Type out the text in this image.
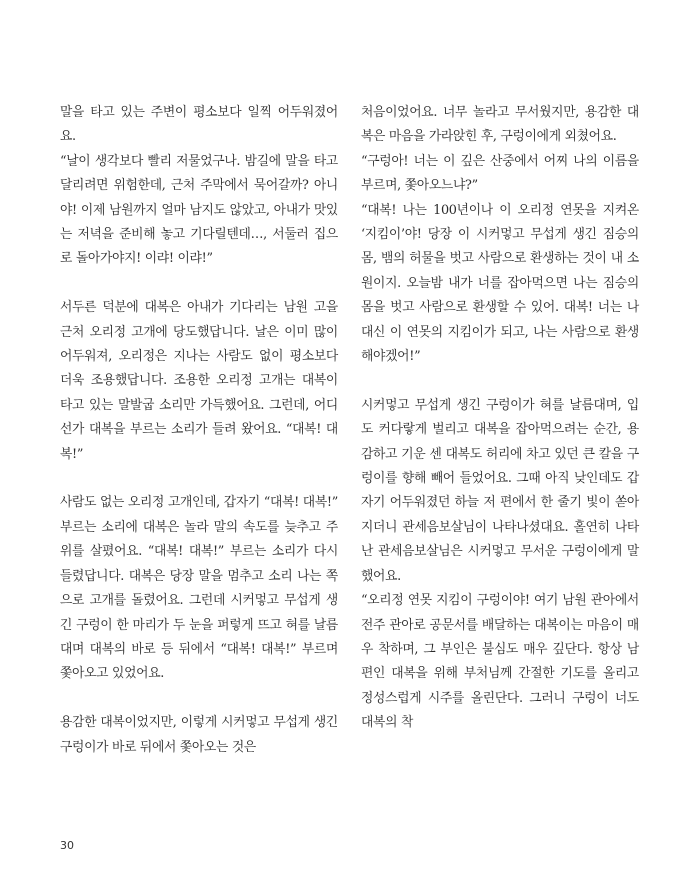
말을 타고 있는 주변이 평소보다 일찍 어두워졌어요.

“날이 생각보다 빨리 저물었구나. 밤길에 말을 타고 달리려면 위험한데, 근처 주막에서 묵어갈까? 아니야! 이제 남원까지 얼마 남지도 않았고, 아내가 맛있는 저녁을 준비해 놓고 기다릴텐데…, 서둘러 집으로 돌아가야지! 이랴! 이랴!”

서두른 덕분에 대복은 아내가 기다리는 남원 고을 근처 오리정 고개에 당도했답니다. 날은 이미 많이 어두워져, 오리정은 지나는 사람도 없이 평소보다 더욱 조용했답니다. 조용한 오리정 고개는 대복이 타고 있는 말발굽 소리만 가득했어요. 그런데, 어디선가 대복을 부르는 소리가 들려 왔어요. “대복! 대복!”

사람도 없는 오리정 고개인데, 갑자기 “대복! 대복!” 부르는 소리에 대복은 놀라 말의 속도를 늦추고 주위를 살폈어요. “대복! 대복!” 부르는 소리가 다시 들렸답니다. 대복은 당장 말을 멈추고 소리 나는 쪽으로 고개를 돌렸어요. 그런데 시커멓고 무섭게 생긴 구렁이 한 마리가 두 눈을 퍼렇게 뜨고 혀를 날름대며 대복의 바로 등 뒤에서 “대복! 대복!” 부르며 쫓아오고 있었어요.

용감한 대복이었지만, 이렇게 시커멓고 무섭게 생긴 구렁이가 바로 뒤에서 쫓아오는 것은

처음이었어요. 너무 놀라고 무서웠지만, 용감한 대복은 마음을 가라앉힌 후, 구렁이에게 외쳤어요.

“구렁아! 너는 이 깊은 산중에서 어찌 나의 이름을 부르며, 쫓아오느냐?”

“대복! 나는 100년이나 이 오리정 연못을 지켜온 ‘지킴이’야! 당장 이 시커멓고 무섭게 생긴 짐승의 몸, 뱀의 허물을 벗고 사람으로 환생하는 것이 내 소원이지. 오늘밤 내가 너를 잡아먹으면 나는 짐승의 몸을 벗고 사람으로 환생할 수 있어. 대복! 너는 나 대신 이 연못의 지킴이가 되고, 나는 사람으로 환생해야겠어!”

시커멓고 무섭게 생긴 구렁이가 혀를 날름대며, 입도 커다랗게 벌리고 대복을 잡아먹으려는 순간, 용감하고 기운 센 대복도 허리에 차고 있던 큰 칼을 구렁이를 향해 빼어 들었어요. 그때 아직 낮인데도 갑자기 어두워졌던 하늘 저 편에서 한 줄기 빛이 쏟아지더니 관세음보살님이 나타나셨대요. 홀연히 나타난 관세음보살님은 시커멓고 무서운 구렁이에게 말했어요.

“오리정 연못 지킴이 구렁이야! 여기 남원 관아에서 전주 관아로 공문서를 배달하는 대복이는 마음이 매우 착하며, 그 부인은 불심도 매우 깊단다. 항상 남편인 대복을 위해 부처님께 간절한 기도를 올리고 정성스럽게 시주를 올린단다. 그러니 구렁이 너도 대복의 착

30
